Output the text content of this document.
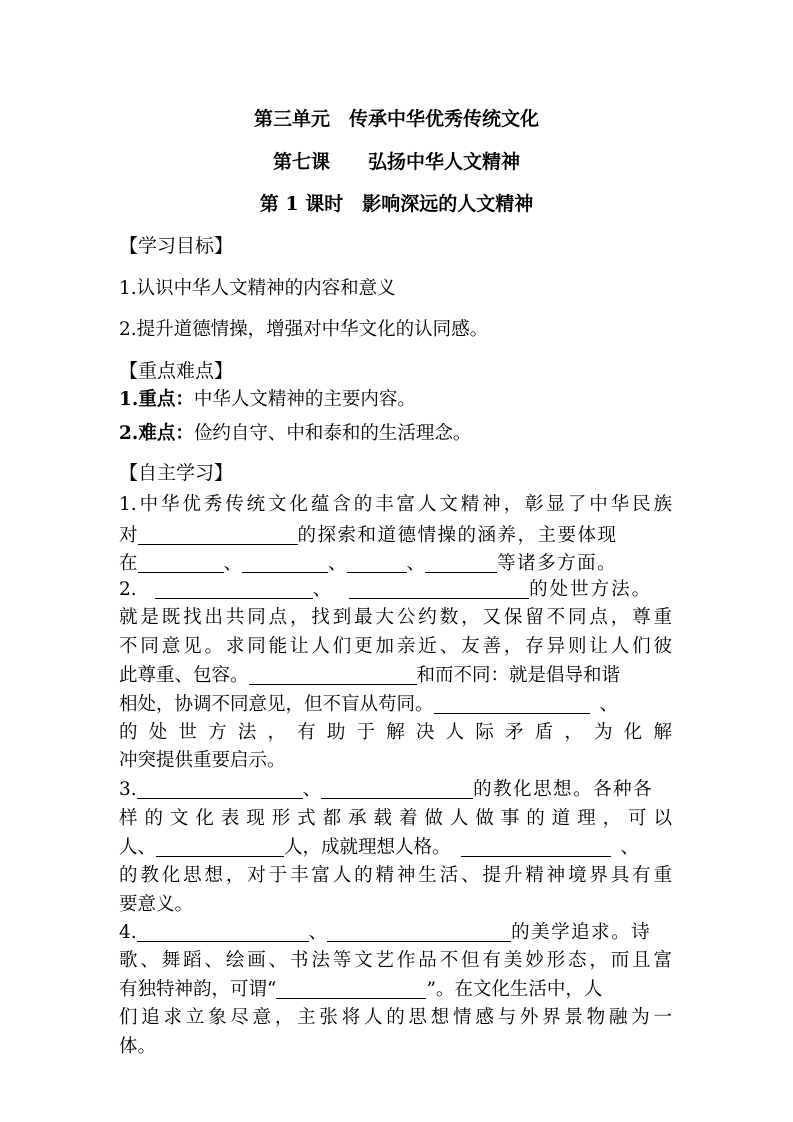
第三单元　传承中华优秀传统文化
第七课　　弘扬中华人文精神
第 1 课时　影响深远的人文精神
【学习目标】
1.认识中华人文精神的内容和意义
2.提升道德情操，增强对中华文化的认同感。
【重点难点】
1.重点：中华人文精神的主要内容。
2.难点：俭约自守、中和泰和的生活理念。
【自主学习】
1.中华优秀传统文化蕴含的丰富人文精神，彰显了中华民族
对	的探索和道德情操的涵养，主要体现
在	、	、	、	等诸多方面。
2.	、	的处世方法。
就是既找出共同点，找到最大公约数，又保留不同点，尊重
不同意见。求同能让人们更加亲近、友善，存异则让人们彼
此尊重、包容。	和而不同：就是倡导和谐
相处，协调不同意见，但不盲从苟同。	、
的处世方法，有助于解决人际矛盾，为化解
冲突提供重要启示。
3.	、	的教化思想。各种各
样的文化表现形式都承载着做人做事的道理，可以
人、	人，成就理想人格。	、
的教化思想，对于丰富人的精神生活、提升精神境界具有重
要意义。
4.	、	的美学追求。诗
歌、舞蹈、绘画、书法等文艺作品不但有美妙形态，而且富
有独特神韵，可谓“	”。在文化生活中，人
们追求立象尽意，主张将人的思想情感与外界景物融为一
体。
